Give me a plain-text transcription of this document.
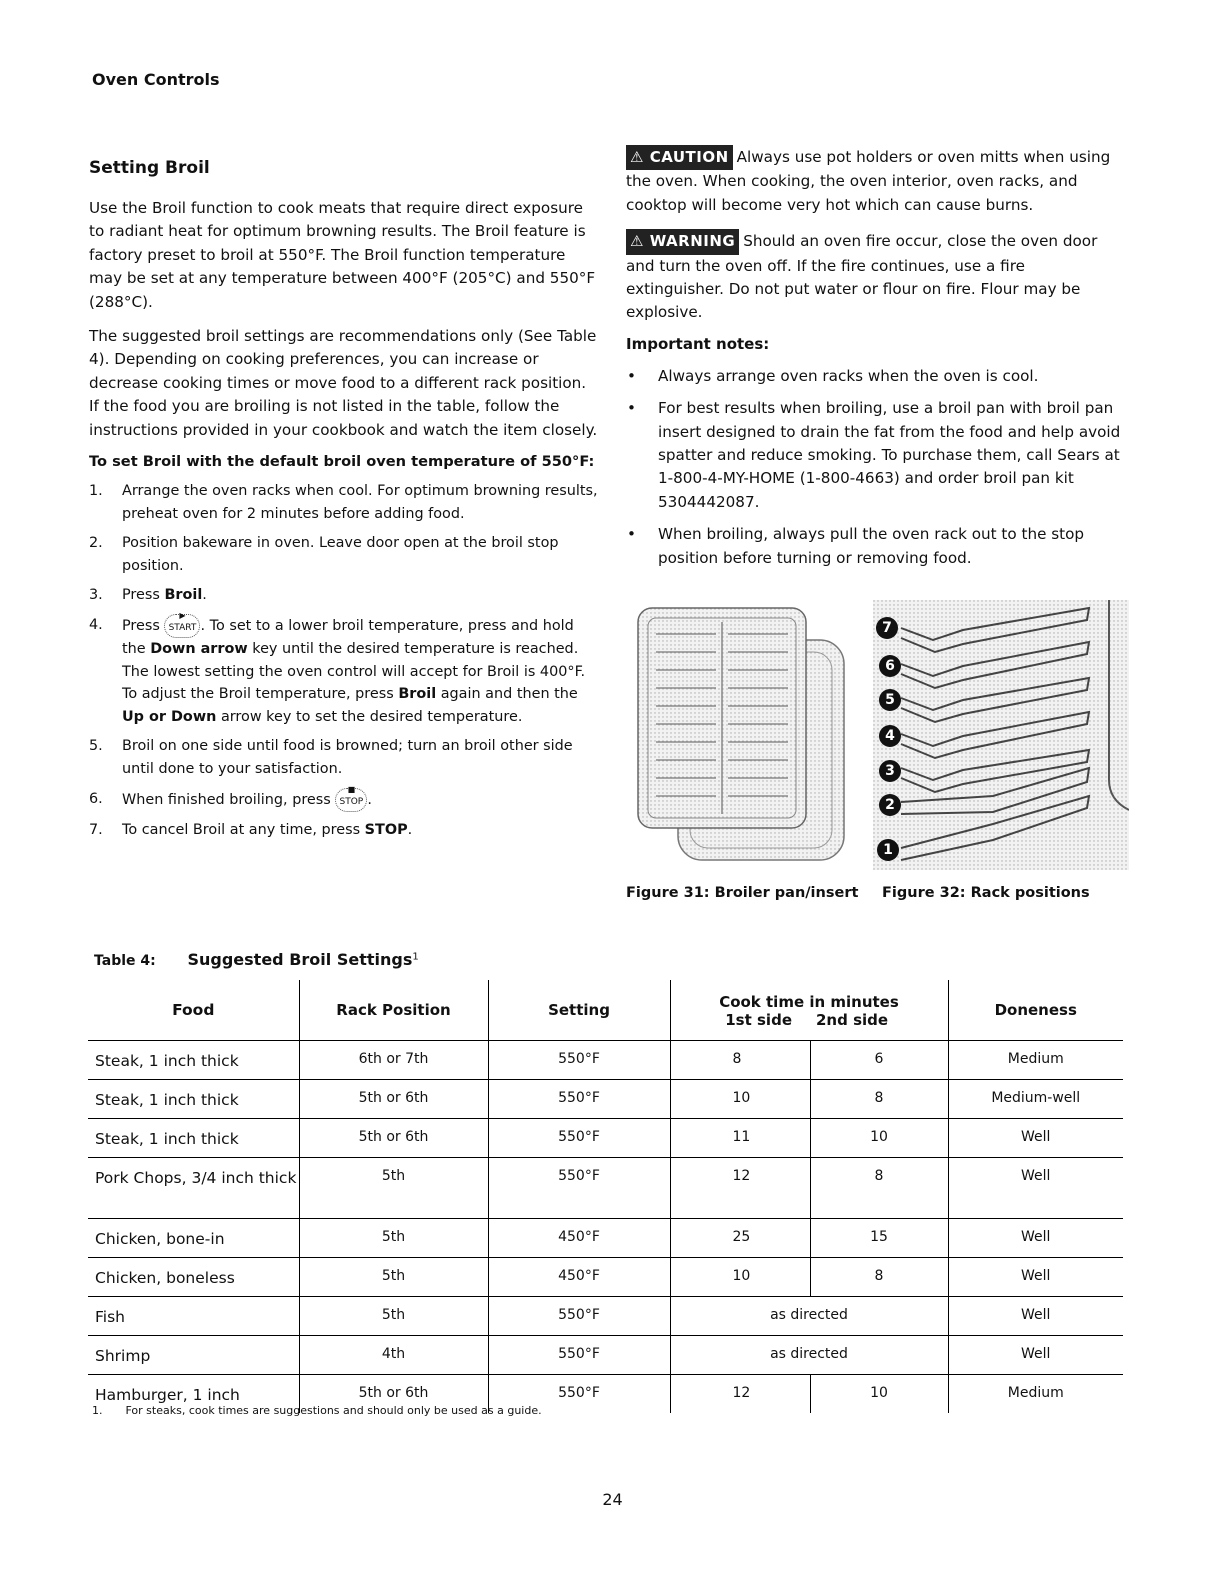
Oven Controls
Setting Broil

Use the Broil function to cook meats that require direct exposure to radiant heat for optimum browning results. The Broil feature is factory preset to broil at 550°F. The Broil function temperature may be set at any temperature between 400°F (205°C) and 550°F (288°C).

The suggested broil settings are recommendations only (See Table 4). Depending on cooking preferences, you can increase or decrease cooking times or move food to a different rack position. If the food you are broiling is not listed in the table, follow the instructions provided in your cookbook and watch the item closely.

To set Broil with the default broil oven temperature of 550°F:
1. Arrange the oven racks when cool. For optimum browning results, preheat oven for 2 minutes before adding food.
2. Position bakeware in oven. Leave door open at the broil stop position.
3. Press Broil.
4. Press
▶
START . To set to a lower broil temperature, press and hold the Down arrow key until the desired temperature is reached. The lowest setting the oven control will accept for Broil is 400°F. To adjust the Broil temperature, press Broil again and then the Up or Down arrow key to set the desired temperature.
5. Broil on one side until food is browned; turn an broil other side until done to your satisfaction.
6. When finished broiling, press
■
STOP .
7. To cancel Broil at any time, press STOP.

⚠ CAUTION Always use pot holders or oven mitts when using the oven. When cooking, the oven interior, oven racks, and cooktop will become very hot which can cause burns.

⚠ WARNING Should an oven fire occur, close the oven door and turn the oven off. If the fire continues, use a fire extinguisher. Do not put water or flour on fire. Flour may be explosive.

Important notes:
• Always arrange oven racks when the oven is cool.
• For best results when broiling, use a broil pan with broil pan insert designed to drain the fat from the food and help avoid spatter and reduce smoking. To purchase them, call Sears at 1-800-4-MY-HOME (1-800-4663) and order broil pan kit 5304442087.
• When broiling, always pull the oven rack out to the stop position before turning or removing food.
7
6
5
4
3
2
1
Figure 31: Broiler pan/insert Figure 32: Rack positions
Table 4: Suggested Broil Settings$^1$
Food	Rack Position	Setting	Cook time in minutes		Doneness
			1st side	2nd side	
Steak, 1 inch thick	6th or 7th	550°F	8	6	Medium
Steak, 1 inch thick	5th or 6th	550°F	10	8	Medium-well
Steak, 1 inch thick	5th or 6th	550°F	11	10	Well
Pork Chops, 3/4 inch thick	5th	550°F	12	8	Well
Chicken, bone-in	5th	450°F	25	15	Well
Chicken, boneless	5th	450°F	10	8	Well
Fish	5th	550°F	as directed		Well
Shrimp	4th	550°F	as directed		Well
Hamburger, 1 inch	5th or 6th	550°F	12	10	Medium
1. For steaks, cook times are suggestions and should only be used as a guide.
24
